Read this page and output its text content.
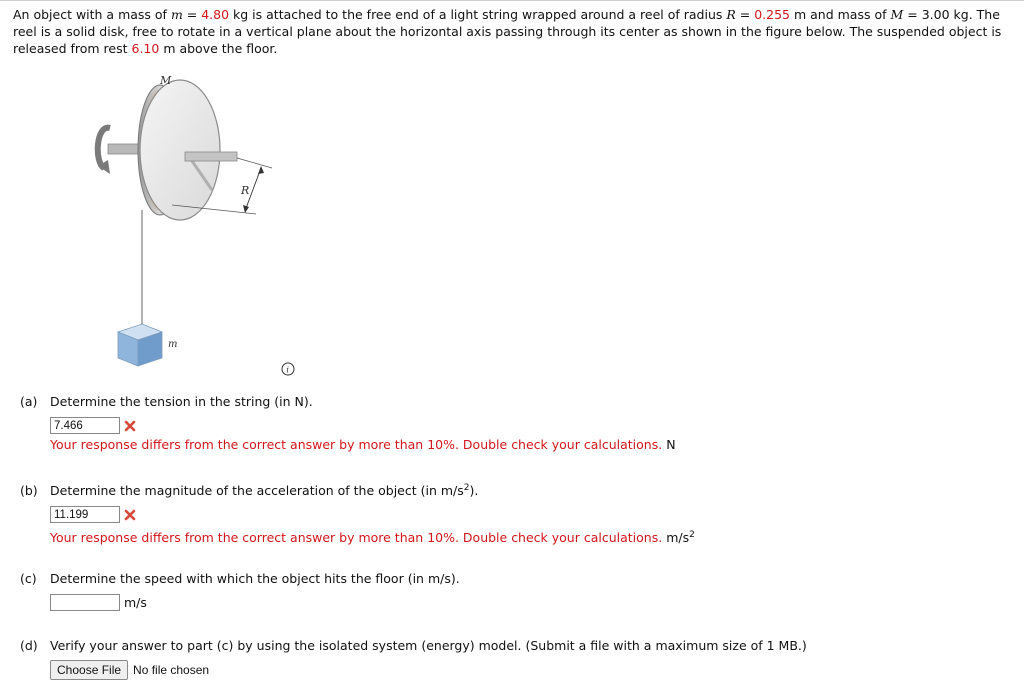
An object with a mass of m = 4.80 kg is attached to the free end of a light string wrapped around a reel of radius R = 0.255 m and mass of M = 3.00 kg. The reel is a solid disk, free to rotate in a vertical plane about the horizontal axis passing through its center as shown in the figure below. The suspended object is released from rest 6.10 m above the floor.
M
R
m
i
(a) Determine the tension in the string (in N).
7.466
Your response differs from the correct answer by more than 10%. Double check your calculations. N
(b) Determine the magnitude of the acceleration of the object (in $m/s^2$).
11.199
Your response differs from the correct answer by more than 10%. Double check your calculations. $m/s^2$
(c) Determine the speed with which the object hits the floor (in m/s).
m/s
(d) Verify your answer to part (c) by using the isolated system (energy) model. (Submit a file with a maximum size of 1 MB.)
Choose File	No file chosen
